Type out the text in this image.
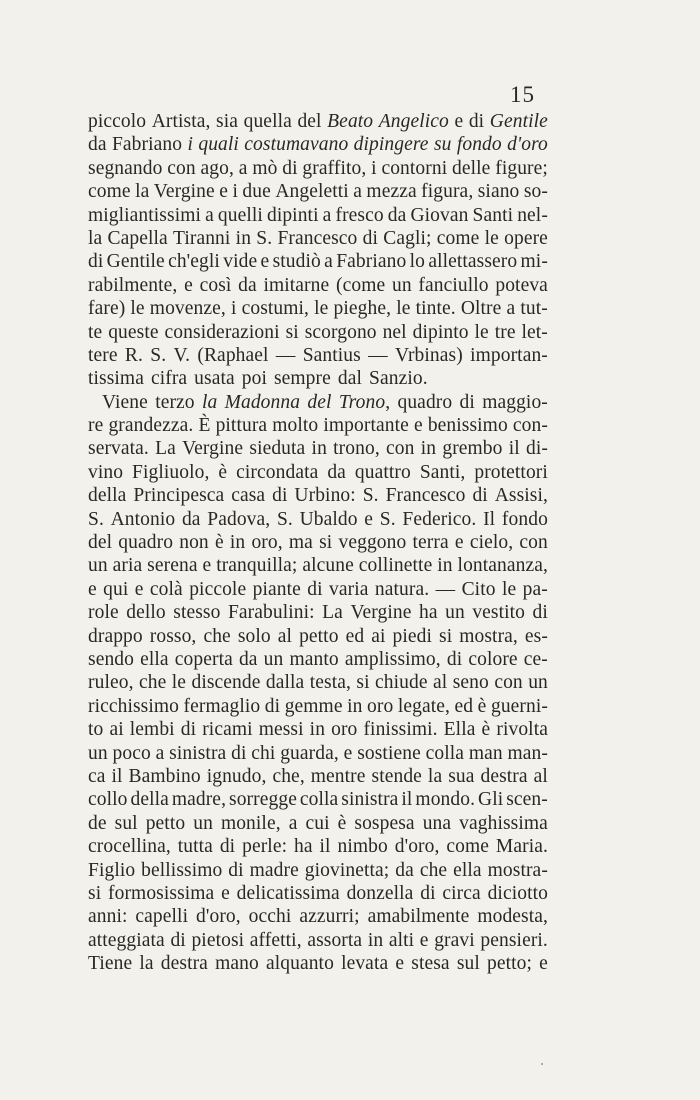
15
piccolo Artista, sia quella del Beato Angelico e di Gentile
da Fabriano i quali costumavano dipingere su fondo d'oro
segnando con ago, a mò di graffito, i contorni delle figure;
come la Vergine e i due Angeletti a mezza figura, siano so-
migliantissimi a quelli dipinti a fresco da Giovan Santi nel-
la Capella Tiranni in S. Francesco di Cagli; come le opere
di Gentile ch'egli vide e studiò a Fabriano lo allettassero mi-
rabilmente, e così da imitarne (come un fanciullo poteva
fare) le movenze, i costumi, le pieghe, le tinte. Oltre a tut-
te queste considerazioni si scorgono nel dipinto le tre let-
tere R. S. V. (Raphael — Santius — Vrbinas) importan-
tissima cifra usata poi sempre dal Sanzio.
Viene terzo la Madonna del Trono, quadro di maggio-
re grandezza. È pittura molto importante e benissimo con-
servata. La Vergine sieduta in trono, con in grembo il di-
vino Figliuolo, è circondata da quattro Santi, protettori
della Principesca casa di Urbino: S. Francesco di Assisi,
S. Antonio da Padova, S. Ubaldo e S. Federico. Il fondo
del quadro non è in oro, ma si veggono terra e cielo, con
un aria serena e tranquilla; alcune collinette in lontananza,
e qui e colà piccole piante di varia natura. — Cito le pa-
role dello stesso Farabulini: La Vergine ha un vestito di
drappo rosso, che solo al petto ed ai piedi si mostra, es-
sendo ella coperta da un manto amplissimo, di colore ce-
ruleo, che le discende dalla testa, si chiude al seno con un
ricchissimo fermaglio di gemme in oro legate, ed è guerni-
to ai lembi di ricami messi in oro finissimi. Ella è rivolta
un poco a sinistra di chi guarda, e sostiene colla man man-
ca il Bambino ignudo, che, mentre stende la sua destra al
collo della madre, sorregge colla sinistra il mondo. Gli scen-
de sul petto un monile, a cui è sospesa una vaghissima
crocellina, tutta di perle: ha il nimbo d'oro, come Maria.
Figlio bellissimo di madre giovinetta; da che ella mostra-
si formosissima e delicatissima donzella di circa diciotto
anni: capelli d'oro, occhi azzurri; amabilmente modesta,
atteggiata di pietosi affetti, assorta in alti e gravi pensieri.
Tiene la destra mano alquanto levata e stesa sul petto; e
